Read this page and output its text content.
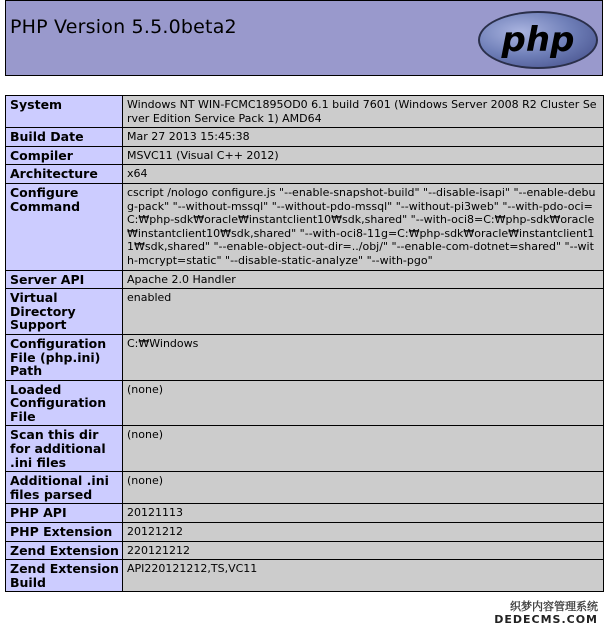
PHP Version 5.5.0beta2	php
System	Windows NT WIN-FCMC1895OD0 6.1 build 7601 (Windows Server 2008 R2 Cluster Server Edition Service Pack 1) AMD64
Build Date	Mar 27 2013 15:45:38
Compiler	MSVC11 (Visual C++ 2012)
Architecture	x64
Configure Command	cscript /nologo configure.js "--enable-snapshot-build" "--disable-isapi" "--enable-debug-pack" "--without-mssql" "--without-pdo-mssql" "--without-pi3web" "--with-pdo-oci=C:₩php-sdk₩oracle₩instantclient10₩sdk,shared" "--with-oci8=C:₩php-sdk₩oracle₩instantclient10₩sdk,shared" "--with-oci8-11g=C:₩php-sdk₩oracle₩instantclient11₩sdk,shared" "--enable-object-out-dir=../obj/" "--enable-com-dotnet=shared" "--with-mcrypt=static" "--disable-static-analyze" "--with-pgo"
Server API	Apache 2.0 Handler
Virtual Directory Support	enabled
Configuration File (php.ini) Path	C:₩Windows
Loaded Configuration File	(none)
Scan this dir for additional .ini files	(none)
Additional .ini files parsed	(none)
PHP API	20121113
PHP Extension	20121212
Zend Extension	220121212
Zend Extension Build	API220121212,TS,VC11
织梦内容管理系统
DEDECMS.COM
